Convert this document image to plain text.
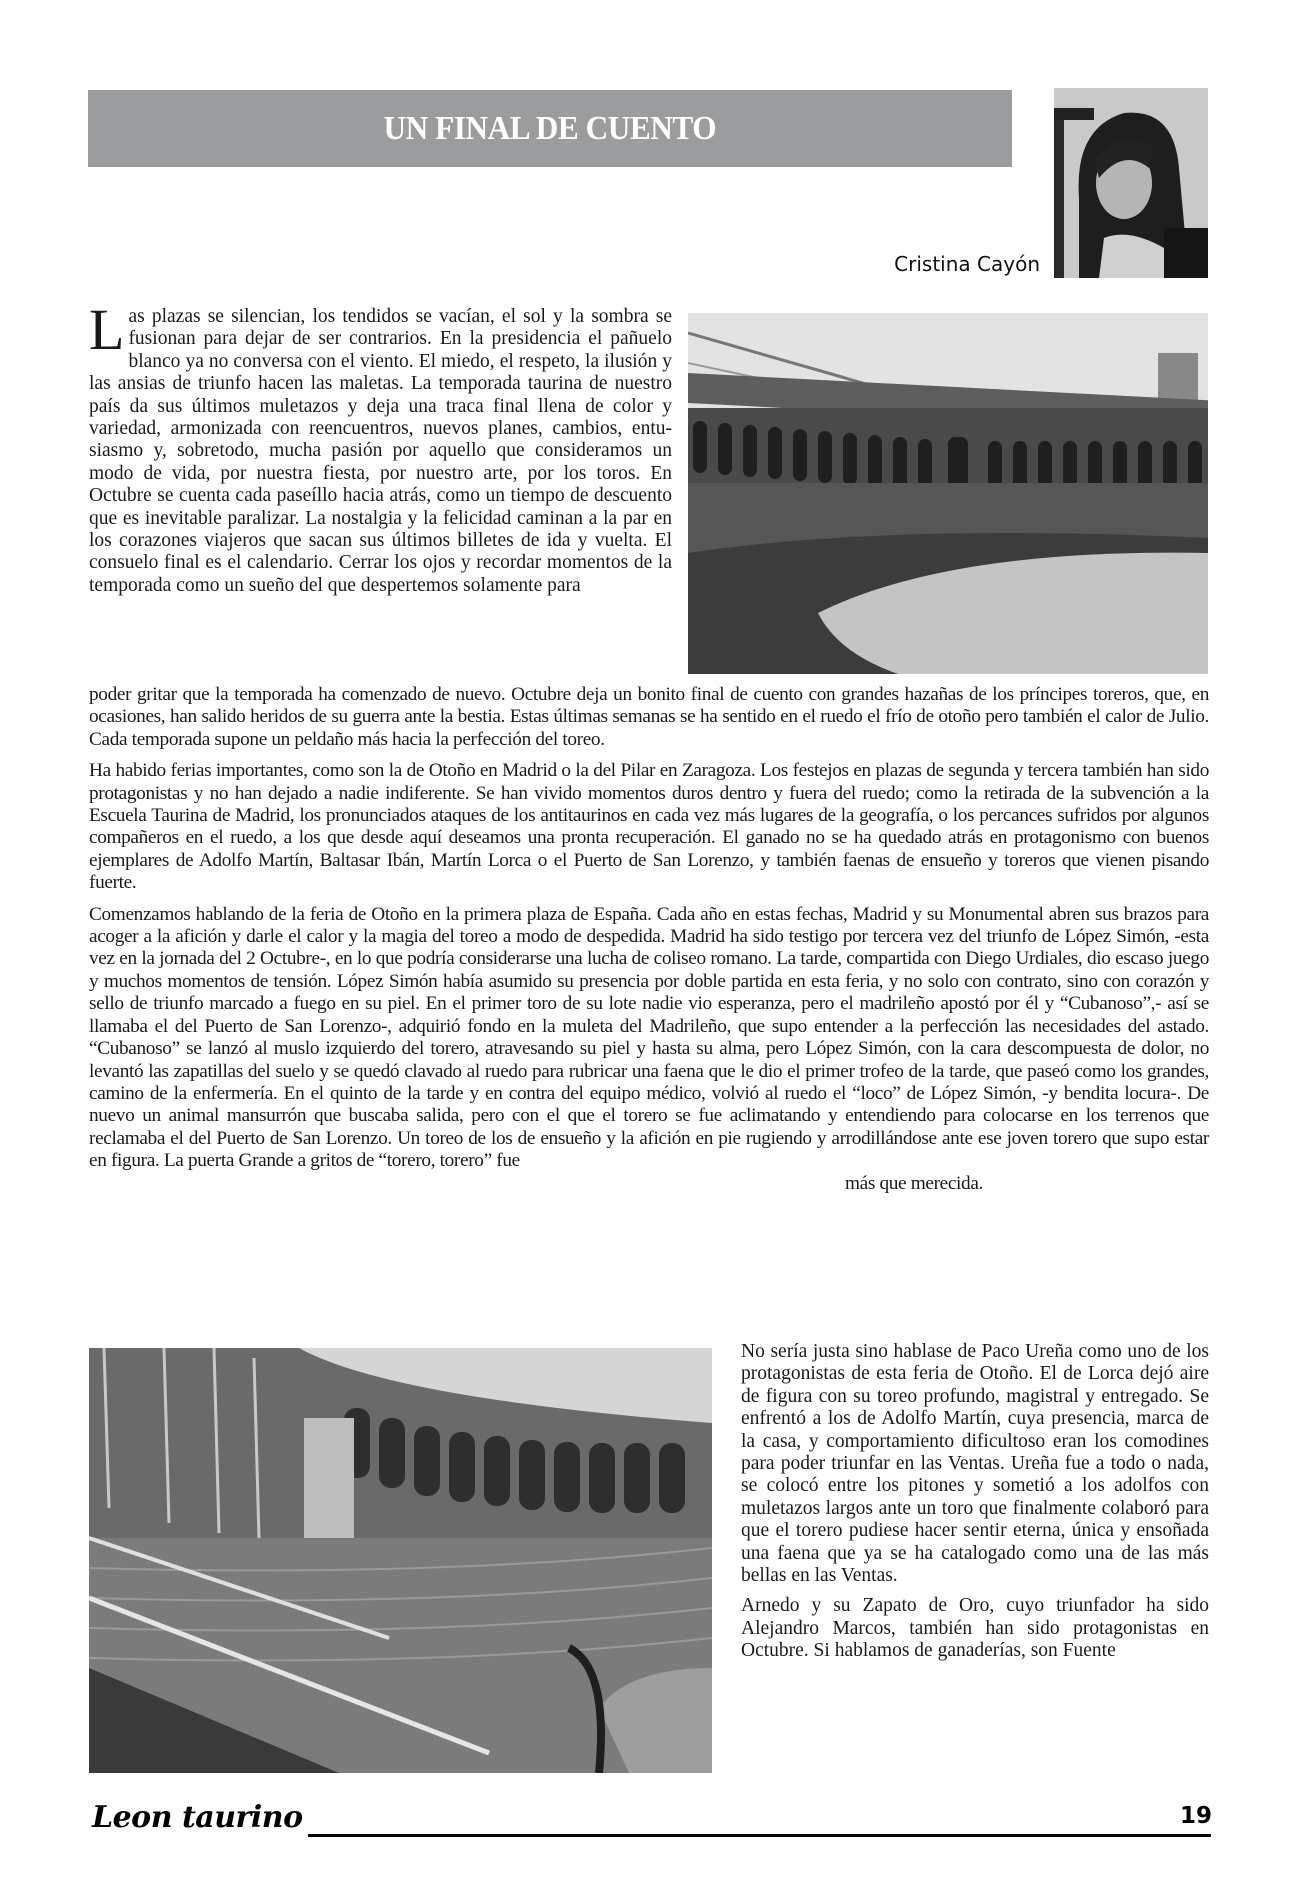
UN FINAL DE CUENTO
Cristina Cayón

Las plazas se silencian, los tendidos se vacían, el sol y la sombra se fusionan para dejar de ser contrarios. En la presidencia el pañuelo blanco ya no conversa con el viento. El miedo, el respeto, la ilusión y las ansias de triunfo hacen las maletas. La temporada taurina de nuestro país da sus últimos muletazos y deja una traca final llena de color y variedad, armonizada con reencuentros, nuevos planes, cambios, entusiasmo y, sobretodo, mucha pasión por aquello que consideramos un modo de vida, por nuestra fiesta, por nuestro arte, por los toros. En Octubre se cuenta cada paseíllo hacia atrás, como un tiempo de descuento que es inevitable paralizar. La nostalgia y la felicidad caminan a la par en los corazones viajeros que sacan sus últimos billetes de ida y vuelta. El consuelo final es el calendario. Cerrar los ojos y recordar momentos de la temporada como un sueño del que despertemos solamente para

poder gritar que la temporada ha comenzado de nuevo. Octubre deja un bonito final de cuento con grandes hazañas de los príncipes toreros, que, en ocasiones, han salido heridos de su guerra ante la bestia. Estas últimas semanas se ha sentido en el ruedo el frío de otoño pero también el calor de Julio. Cada temporada supone un peldaño más hacia la perfección del toreo.

Ha habido ferias importantes, como son la de Otoño en Madrid o la del Pilar en Zaragoza. Los festejos en plazas de segunda y tercera también han sido protagonistas y no han dejado a nadie indiferente. Se han vivido momentos duros dentro y fuera del ruedo; como la retirada de la subvención a la Escuela Taurina de Madrid, los pronunciados ataques de los antitaurinos en cada vez más lugares de la geografía, o los percances sufridos por algunos compañeros en el ruedo, a los que desde aquí deseamos una pronta recuperación. El ganado no se ha quedado atrás en protagonismo con buenos ejemplares de Adolfo Martín, Baltasar Ibán, Martín Lorca o el Puerto de San Lorenzo, y también faenas de ensueño y toreros que vienen pisando fuerte.

Comenzamos hablando de la feria de Otoño en la primera plaza de España. Cada año en estas fechas, Madrid y su Monumental abren sus brazos para acoger a la afición y darle el calor y la magia del toreo a modo de despedida. Madrid ha sido testigo por tercera vez del triunfo de López Simón, -esta vez en la jornada del 2 Octubre-, en lo que podría considerarse una lucha de coliseo romano. La tarde, compartida con Diego Urdiales, dio escaso juego y muchos momentos de tensión. López Simón había asumido su presencia por doble partida en esta feria, y no solo con contrato, sino con corazón y sello de triunfo marcado a fuego en su piel. En el primer toro de su lote nadie vio esperanza, pero el madrileño apostó por él y “Cubanoso”,- así se llamaba el del Puerto de San Lorenzo-, adquirió fondo en la muleta del Madrileño, que supo entender a la perfección las necesidades del astado. “Cubanoso” se lanzó al muslo izquierdo del torero, atravesando su piel y hasta su alma, pero López Simón, con la cara descompuesta de dolor, no levantó las zapatillas del suelo y se quedó clavado al ruedo para rubricar una faena que le dio el primer trofeo de la tarde, que paseó como los grandes, camino de la enfermería. En el quinto de la tarde y en contra del equipo médico, volvió al ruedo el “loco” de López Simón, -y bendita locura-. De nuevo un animal mansurrón que buscaba salida, pero con el que el torero se fue aclimatando y entendiendo para colocarse en los terrenos que reclamaba el del Puerto de San Lorenzo. Un toreo de los de ensueño y la afición en pie rugiendo y arrodillándose ante ese joven torero que supo estar en figura. La puerta Grande a gritos de “torero, torero” fue

más que merecida.

No sería justa sino hablase de Paco Ureña como uno de los protagonistas de esta feria de Otoño. El de Lorca dejó aire de figura con su toreo profundo, magistral y entregado. Se enfrentó a los de Adolfo Martín, cuya presencia, marca de la casa, y comportamiento dificultoso eran los comodines para poder triunfar en las Ventas. Ureña fue a todo o nada, se colocó entre los pitones y sometió a los adolfos con muletazos largos ante un toro que finalmente colaboró para que el torero pudiese hacer sentir eterna, única y ensoñada una faena que ya se ha catalogado como una de las más bellas en las Ventas.

Arnedo y su Zapato de Oro, cuyo triunfador ha sido Alejandro Marcos, también han sido protagonistas en Octubre. Si hablamos de ganaderías, son Fuente

Leon taurino	19
